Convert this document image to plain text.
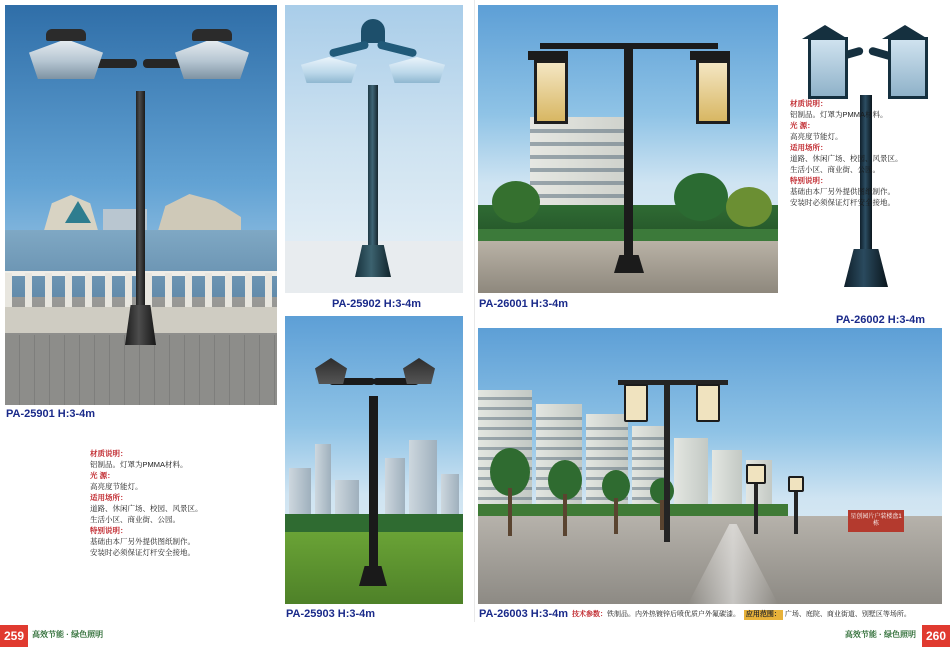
PA-25901 H:3-4m
PA-25902 H:3-4m	PA-26001 H:3-4m
PA-26002 H:3-4m
PA-25903 H:3-4m
星创园片户装楼盘1栋
PA-26003 H:3-4m
材质说明：
铝制品。灯罩为PMMA材料。
光 源：
高亮度节能灯。
适用场所：
道路、休闲广场、校园、风景区。
生活小区、商业街、公园。
特别说明：
基础由本厂另外提供图纸制作。
安装时必须保证灯杆安全接地。
材质说明：
铝制品。灯罩为PMMA材料。
光 源：
高亮度节能灯。
适用场所：
道路、休闲广场、校园、风景区。
生活小区、商业街、公园。
特别说明：
基础由本厂另外提供图纸制作。
安装时必须保证灯杆安全接地。
技术参数：铁制品。内外热镀锌后喷优质户外氟碳漆。 应用范围： 广场、庭院、商业街道、别墅区等场所。
259 高效节能 · 绿色照明	260
高效节能 · 绿色照明
